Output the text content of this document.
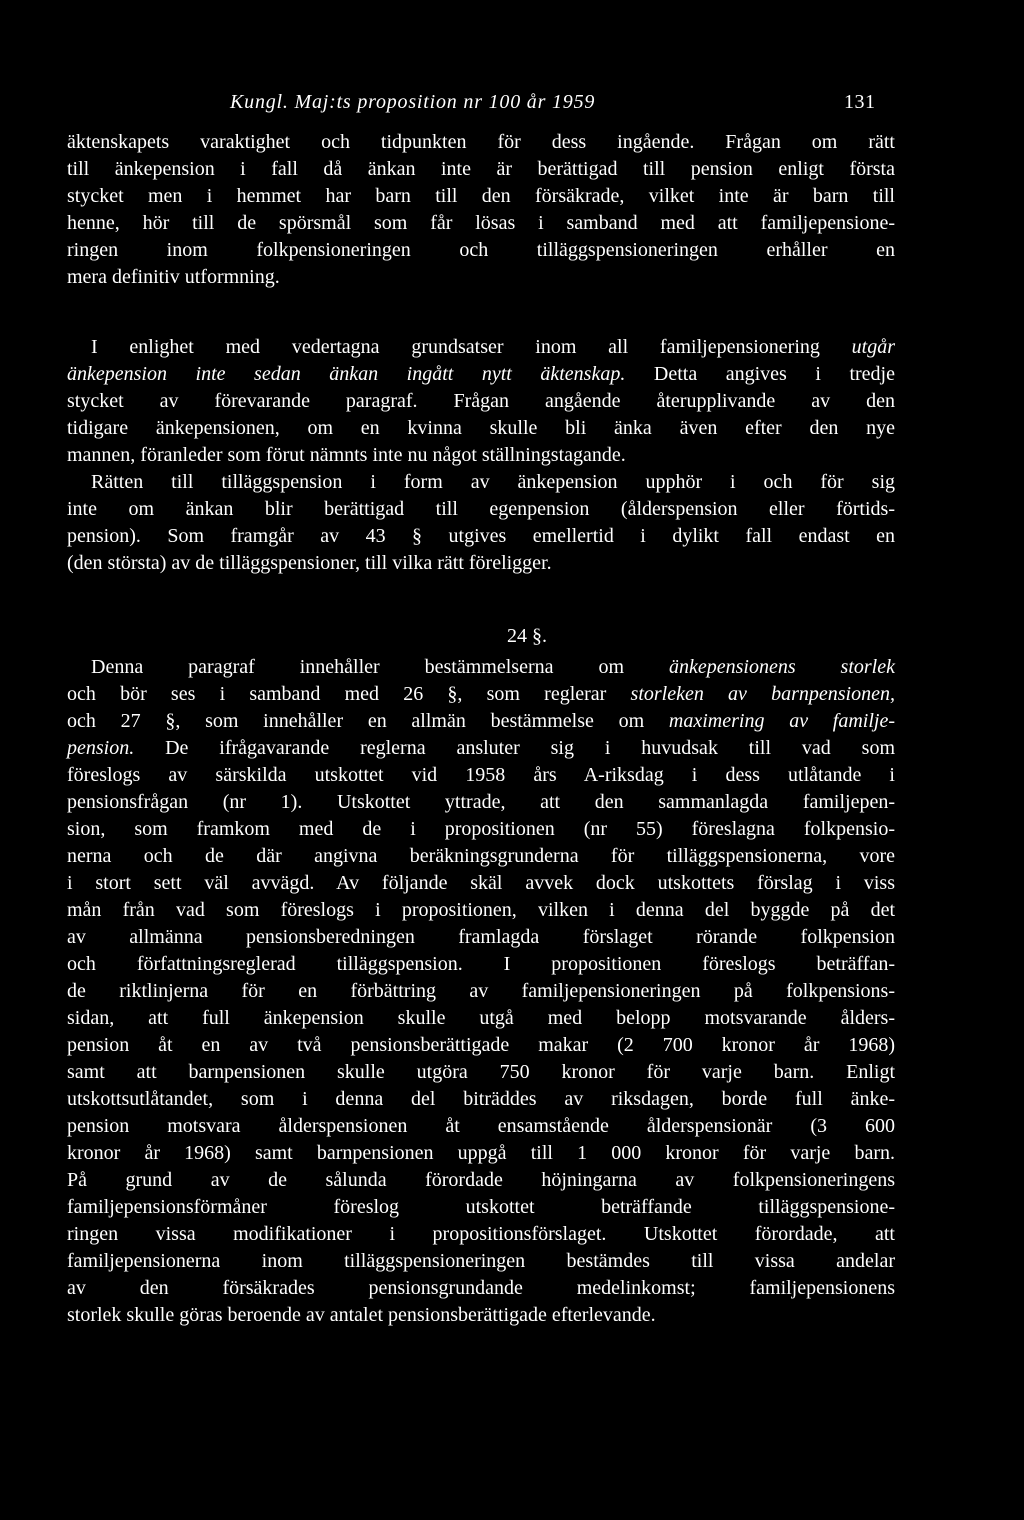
Kungl. Maj:ts proposition nr 100 år 1959	131
äktenskapets varaktighet och tidpunkten för dess ingående. Frågan om rätt
till änkepension i fall då änkan inte är berättigad till pension enligt första
stycket men i hemmet har barn till den försäkrade, vilket inte är barn till
henne, hör till de spörsmål som får lösas i samband med att familjepensione-
ringen inom folkpensioneringen och tilläggspensioneringen erhåller en
mera definitiv utformning.
I enlighet med vedertagna grundsatser inom all familjepensionering utgår
änkepension inte sedan änkan ingått nytt äktenskap. Detta angives i tredje
stycket av förevarande paragraf. Frågan angående återupplivande av den
tidigare änkepensionen, om en kvinna skulle bli änka även efter den nye
mannen, föranleder som förut nämnts inte nu något ställningstagande.
Rätten till tilläggspension i form av änkepension upphör i och för sig
inte om änkan blir berättigad till egenpension (ålderspension eller förtids-
pension). Som framgår av 43 § utgives emellertid i dylikt fall endast en
(den största) av de tilläggspensioner, till vilka rätt föreligger.
24 §.
Denna paragraf innehåller bestämmelserna om änkepensionens storlek
och bör ses i samband med 26 §, som reglerar storleken av barnpensionen,
och 27 §, som innehåller en allmän bestämmelse om maximering av familje-
pension. De ifrågavarande reglerna ansluter sig i huvudsak till vad som
föreslogs av särskilda utskottet vid 1958 års A-riksdag i dess utlåtande i
pensionsfrågan (nr 1). Utskottet yttrade, att den sammanlagda familjepen-
sion, som framkom med de i propositionen (nr 55) föreslagna folkpensio-
nerna och de där angivna beräkningsgrunderna för tilläggspensionerna, vore
i stort sett väl avvägd. Av följande skäl avvek dock utskottets förslag i viss
mån från vad som föreslogs i propositionen, vilken i denna del byggde på det
av allmänna pensionsberedningen framlagda förslaget rörande folkpension
och författningsreglerad tilläggspension. I propositionen föreslogs beträffan-
de riktlinjerna för en förbättring av familjepensioneringen på folkpensions-
sidan, att full änkepension skulle utgå med belopp motsvarande ålders-
pension åt en av två pensionsberättigade makar (2 700 kronor år 1968)
samt att barnpensionen skulle utgöra 750 kronor för varje barn. Enligt
utskottsutlåtandet, som i denna del biträddes av riksdagen, borde full änke-
pension motsvara ålderspensionen åt ensamstående ålderspensionär (3 600
kronor år 1968) samt barnpensionen uppgå till 1 000 kronor för varje barn.
På grund av de sålunda förordade höjningarna av folkpensioneringens
familjepensionsförmåner föreslog utskottet beträffande tilläggspensione-
ringen vissa modifikationer i propositionsförslaget. Utskottet förordade, att
familjepensionerna inom tilläggspensioneringen bestämdes till vissa andelar
av den försäkrades pensionsgrundande medelinkomst; familjepensionens
storlek skulle göras beroende av antalet pensionsberättigade efterlevande.
